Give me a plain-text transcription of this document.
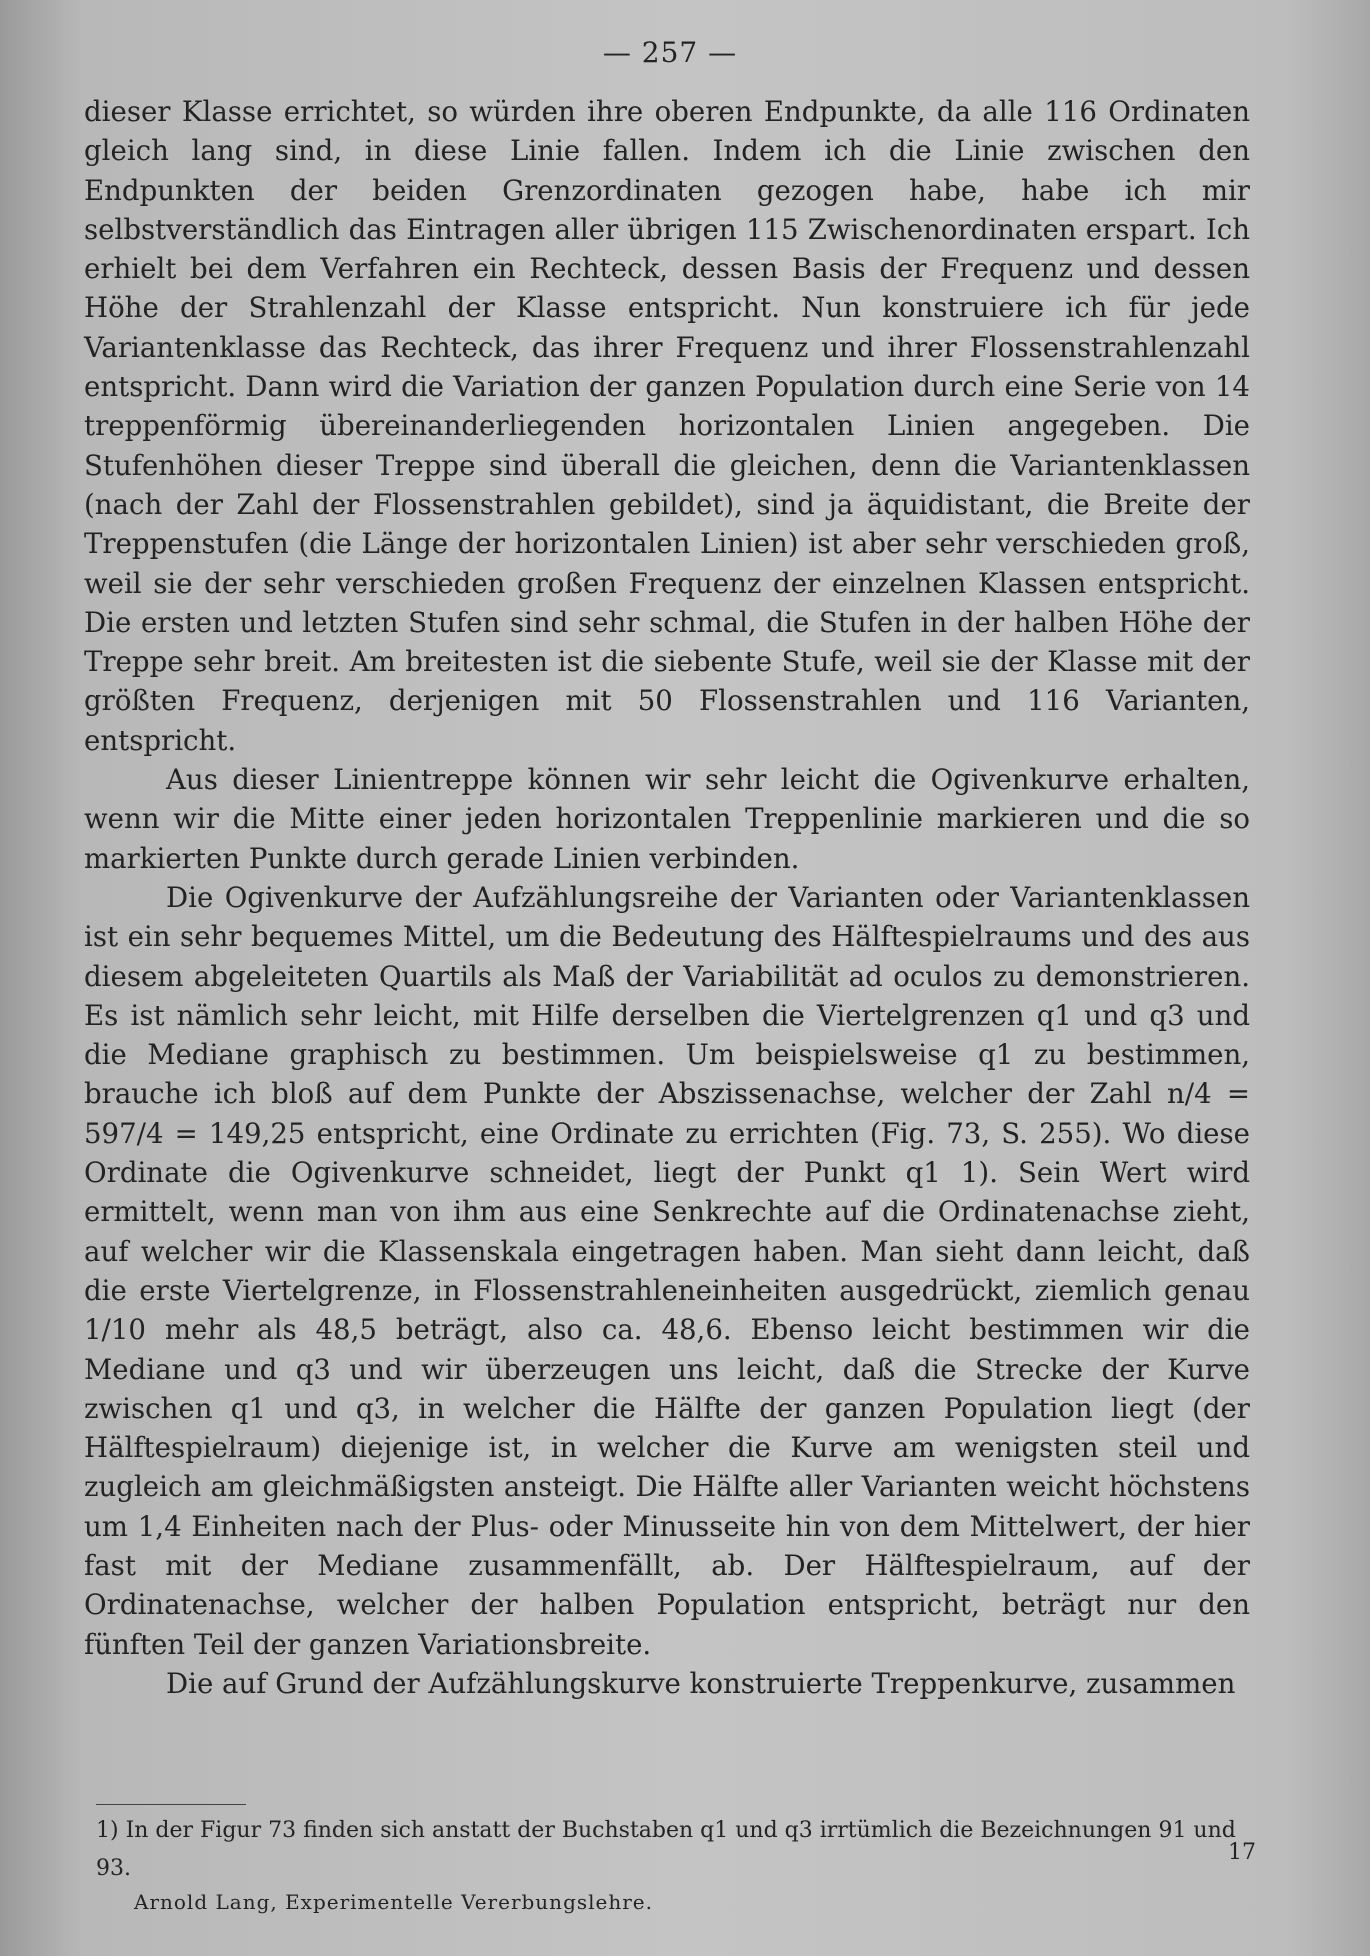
— 257 —

dieser Klasse errichtet, so würden ihre oberen Endpunkte, da alle 116 Ordinaten gleich lang sind, in diese Linie fallen. Indem ich die Linie zwischen den Endpunkten der beiden Grenzordinaten gezogen habe, habe ich mir selbstverständlich das Eintragen aller übrigen 115 Zwischenordinaten erspart. Ich erhielt bei dem Verfahren ein Rechteck, dessen Basis der Frequenz und dessen Höhe der Strahlenzahl der Klasse entspricht. Nun konstruiere ich für jede Variantenklasse das Rechteck, das ihrer Frequenz und ihrer Flossenstrahlenzahl entspricht. Dann wird die Variation der ganzen Population durch eine Serie von 14 treppenförmig übereinanderliegenden horizontalen Linien angegeben. Die Stufenhöhen dieser Treppe sind überall die gleichen, denn die Variantenklassen (nach der Zahl der Flossenstrahlen gebildet), sind ja äquidistant, die Breite der Treppenstufen (die Länge der horizontalen Linien) ist aber sehr verschieden groß, weil sie der sehr verschieden großen Frequenz der einzelnen Klassen entspricht. Die ersten und letzten Stufen sind sehr schmal, die Stufen in der halben Höhe der Treppe sehr breit. Am breitesten ist die siebente Stufe, weil sie der Klasse mit der größten Frequenz, derjenigen mit 50 Flossenstrahlen und 116 Varianten, entspricht.

Aus dieser Linientreppe können wir sehr leicht die Ogivenkurve erhalten, wenn wir die Mitte einer jeden horizontalen Treppenlinie markieren und die so markierten Punkte durch gerade Linien verbinden.

Die Ogivenkurve der Aufzählungsreihe der Varianten oder Variantenklassen ist ein sehr bequemes Mittel, um die Bedeutung des Hälftespielraums und des aus diesem abgeleiteten Quartils als Maß der Variabilität ad oculos zu demonstrieren. Es ist nämlich sehr leicht, mit Hilfe derselben die Viertelgrenzen q1 und q3 und die Mediane graphisch zu bestimmen. Um beispielsweise q1 zu bestimmen, brauche ich bloß auf dem Punkte der Abszissenachse, welcher der Zahl n/4 = 597/4 = 149,25 entspricht, eine Ordinate zu errichten (Fig. 73, S. 255). Wo diese Ordinate die Ogivenkurve schneidet, liegt der Punkt q1 1). Sein Wert wird ermittelt, wenn man von ihm aus eine Senkrechte auf die Ordinatenachse zieht, auf welcher wir die Klassenskala eingetragen haben. Man sieht dann leicht, daß die erste Viertelgrenze, in Flossenstrahleneinheiten ausgedrückt, ziemlich genau 1/10 mehr als 48,5 beträgt, also ca. 48,6. Ebenso leicht bestimmen wir die Mediane und q3 und wir überzeugen uns leicht, daß die Strecke der Kurve zwischen q1 und q3, in welcher die Hälfte der ganzen Population liegt (der Hälftespielraum) diejenige ist, in welcher die Kurve am wenigsten steil und zugleich am gleichmäßigsten ansteigt. Die Hälfte aller Varianten weicht höchstens um 1,4 Einheiten nach der Plus- oder Minusseite hin von dem Mittelwert, der hier fast mit der Mediane zusammenfällt, ab. Der Hälftespielraum, auf der Ordinatenachse, welcher der halben Population entspricht, beträgt nur den fünften Teil der ganzen Variationsbreite.

Die auf Grund der Aufzählungskurve konstruierte Treppenkurve, zusammen

1) In der Figur 73 finden sich anstatt der Buchstaben q1 und q3 irrtümlich die Bezeichnungen 91 und 93.
17
Arnold Lang, Experimentelle Vererbungslehre.
